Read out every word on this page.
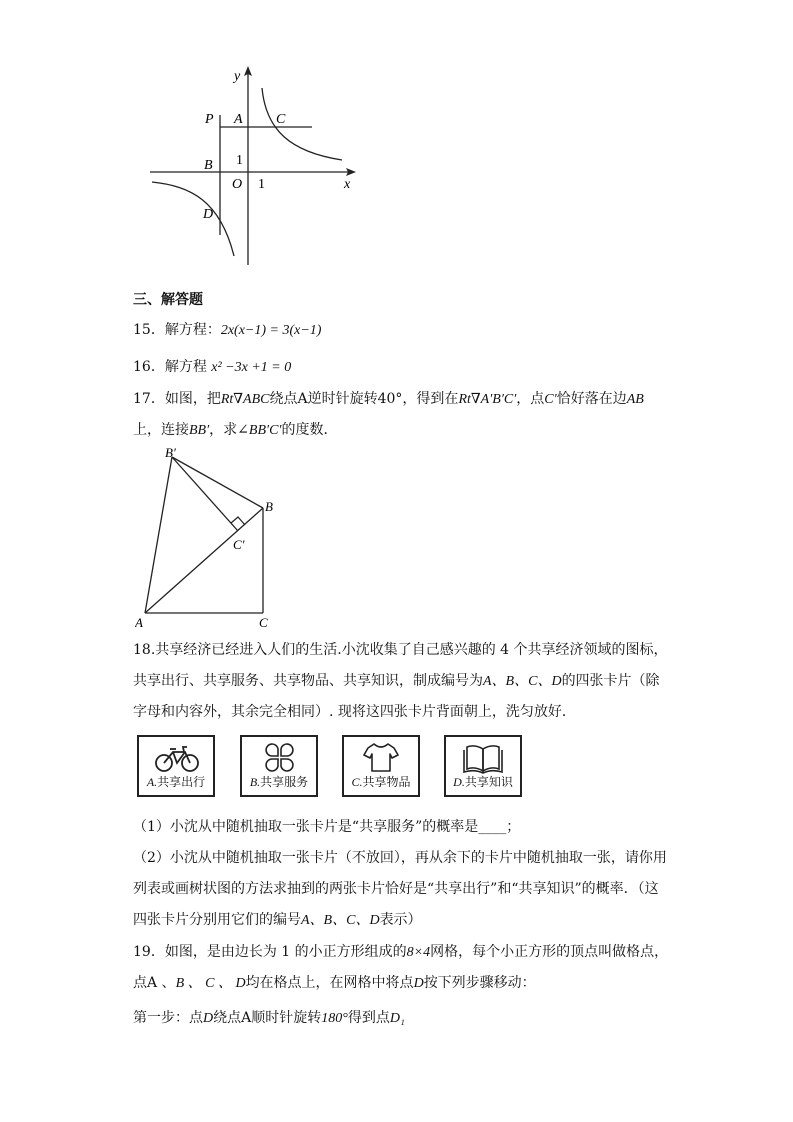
y
x
P A C
B 1
O 1
D
三、解答题
15．解方程：2x(x−1) = 3(x−1)
16．解方程 x² −3x +1 = 0
17．如图，把Rt∇ABC绕点A逆时针旋转40°，得到在Rt∇A′B′C′，点C′恰好落在边AB
上，连接BB′，求∠BB′C′的度数．
B′
B
C′
A	C
18.共享经济已经进入人们的生活.小沈收集了自己感兴趣的 4 个共享经济领域的图标，
共享出行、共享服务、共享物品、共享知识，制成编号为A、B、C、D的四张卡片（除
字母和内容外，其余完全相同）. 现将这四张卡片背面朝上，洗匀放好．
A.共享出行	B.共享服务	C.共享物品	D.共享知识
（1）小沈从中随机抽取一张卡片是“共享服务”的概率是____；
（2）小沈从中随机抽取一张卡片（不放回），再从余下的卡片中随机抽取一张，请你用
列表或画树状图的方法求抽到的两张卡片恰好是“共享出行”和“共享知识”的概率．（这
四张卡片分别用它们的编号A、B、C、D表示）
19．如图，是由边长为 1 的小正方形组成的8×4网格，每个小正方形的顶点叫做格点，
点A 、B 、 C 、 D均在格点上，在网格中将点D按下列步骤移动：
第一步：点D绕点A顺时针旋转180°得到点D₁
